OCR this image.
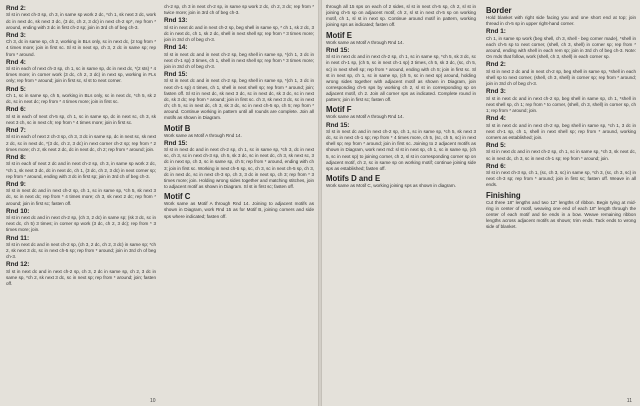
Rnd 2:

Sl st in next ch-3 sp, ch 3, in same sp work 2 dc, *ch 1, sk next 3 dc, work dc in next dc, sk next 3 dc, (3 dc, ch 2, 3 dc) in next ch-2 sp*, rep from * around, ending with 3 dc in first ch-2 sp; join in 3rd ch of beg ch-3.

Rnd 3:

Ch 3, dc in same sp, ch 2, working in BLs only, sc in next dc, (2 tog from * 4 times more; join in first sc. Sl st in next sp, ch 3, 2 dc in same sp; rep from * around.

Rnd 4:

Sl st in each of next ch-3 sp, ch 1, sc in same sp, dc in next dc, *(2 sts) * 4 times more; in corner work (3 dc, ch 2, 3 dc) in next sp, working in FLs only; rep from * around; join in first sc, sl st to next corner.

Rnd 5:

Ch 1, sc in same sp, ch 5, working in BLs only, sc in next dc, *ch 5, sk 2 dc, sc in next dc; rep from * 4 times more; join in first sc.

Rnd 6:

Sl st in each of next ch-5 sp, ch 1, sc in same sp, dc in next sc, ch 3, sk next 3 ch, sc in next ch; rep from * 4 times more; join in first sc.

Rnd 7:

Sl st in each of next 2 ch-3 sp, ch 3, 3 dc in same sp, dc in next sc, sk next 2 dc, sc in next dc, *(3 dc, ch 2, 3 dc) in next corner ch-2 sp; rep from * 2 times more; ch 2, sk next 2 dc, dc in next dc, ch 2; rep from * around; join.

Rnd 8:

Sl st in each of next 2 dc and in next ch-2 sp, ch 3, in same sp work 2 dc, *ch 1, sk next 3 dc, dc in next dc, ch 1, (3 dc, ch 2, 3 dc) in next corner sp; rep from * around, ending with 3 dc in first sp; join in 3rd ch of beg ch-3.

Rnd 9:

Sl st in next dc and in next ch-2 sp, ch 1, sc in same sp, *ch 5, sk next 3 dc, sc in next dc; rep from * 4 times more; ch 3, sk next 2 dc; rep from * around; join in first sc; fasten off.

Rnd 10:

Sl st in next dc and in next ch-2 sp, (ch 3, 2 dc) in same sp; (sk 3 dc, sc in next dc, ch 5) 3 times; in corner sp work (3 dc, ch 2, 3 dc); rep from * 3 times more; join.

Rnd 11:

Sl st in next dc and in next ch-2 sp, (ch 3, 2 dc, ch 2, 3 dc) in same sp; *ch 2, sk next 3 dc, sc in next ch-5 sp; rep from * around; join in 3rd ch of beg ch-3.

Rnd 12:

Sl st in next dc and in next ch-2 sp, ch 3, 2 dc in same sp, ch 2, 3 dc in same sp, *ch 2, sk next 3 dc, sc in next sp; rep from * around; join; fasten off.

ch-2 sp, ch 3 in next ch-2 sp, in same sp work 2 dc, ch 2, 3 dc; rep from * twice more; join in 3rd ch of beg ch-3.

Rnd 13:

Sl st in next dc and in next ch-2 sp, beg shell in same sp, * ch 1, sk 2 dc, 3 dc in next dc, ch 1, sk 2 dc, shell in next shell sp; rep from * 3 times more; join in 3rd ch of beg ch-3.

Rnd 14:

Sl st in next dc and in next ch-2 sp, beg shell in same sp, *(ch 1, 3 dc in next ch-1 sp) 3 times, ch 1, shell in next shell sp; rep from * 3 times more; join in 3rd ch of beg ch-3.

Rnd 15:

Sl st in next dc and in next ch-2 sp, beg shell in same sp, *(ch 1, 3 dc in next ch-1 sp) 4 times, ch 1, shell in next shell sp; rep from * around; join; fasten off. Sl st in next dc, sk next 3 dc, sc in next dc, sk 3 dc, sc in next dc, sk 3 dc; rep from * around; join in first sc. ch 3, sk next 3 dc, sc in next ch; ch 5, sc in next dc, ch 3, sk 3 dc, sc in next ch-5 sp, ch 5; rep from * around. Continue working in pattern until all rounds are complete. Join all motifs as shown in Diagram.

Motif B

Work same as Motif A through Rnd 14.

Rnd 15:

Sl st in next dc and in next ch-2 sp, ch 1, sc in same sp, *ch 3, dc in next sc, ch 3, sc in next ch-3 sp, ch 5, sk 3 dc, sc in next dc, ch 3, sk next sc, 3 dc in next sp, ch 3, sc in same sp, ch 5; rep from * around, ending with ch 3; join in first sc. Working in next ch-5 sp, sc, ch 3, sc in next ch-5 sp, ch 3, dc in next dc, sc in next ch-3 sp, ch 3, 3 dc in next sp, ch 3; rep from * 3 times more; join. Holding wrong sides together and matching stitches, join to adjacent motif as shown in Diagram. Sl st in first sc; fasten off.

Motif C

Work same as Motif A through Rnd 14. Joining to adjacent motifs as shown in Diagram, work Rnd 15 as for Motif B, joining corners and side sps where indicated; fasten off.

10

through all 15 sps on each of 2 sides, sl st in next ch-5 sp, ch 2, sl st in joining ch-5 sp on adjacent motif, ch 2, sl st in next ch-5 sp on working motif, ch 1, sl st in next sp. Continue around motif in pattern, working joining sps as indicated; fasten off.

Motif E

Work same as Motif A through Rnd 14.

Rnd 15:

Sl st in next dc and in next ch-2 sp, ch 1, sc in same sp, *ch 5, sk 3 dc, sc in next ch-1 sp, (ch 5, sc in next ch-1 sp) 3 times, ch 5, sk 3 dc, (sc, ch 5, sc) in next shell sp; rep from * around, ending with ch 5; join in first sc. Sl st in next sp, ch 1, sc in same sp, (ch 5, sc in next sp) around, holding wrong sides together with adjacent motif as shown in Diagram, join corresponding ch-5 sps by working ch 2, sl st in corresponding sp on adjacent motif, ch 2. Join all corner sps as indicated. Complete round in pattern; join in first sc; fasten off.

Motif F

Work same as Motif A through Rnd 14.

Rnd 15:

Sl st in next dc and in next ch-2 sp, ch 1, sc in same sp, *ch 5, sk next 3 dc, sc in next ch-1 sp; rep from * 4 times more, ch 5, (sc, ch 5, sc) in next shell sp; rep from * around; join in first sc. Joining to 2 adjacent motifs as shown in Diagram, work next rnd: sl st in next sp, ch 1, sc in same sp, (ch 5, sc in next sp) to joining corner, ch 2, sl st in corresponding corner sp on adjacent motif, ch 2, sc in same sp on working motif; continue joining side sps as established; fasten off.

Motifs D and E

Work same as Motif C, working joining sps as shown in diagram.

Border

Hold blanket with right side facing you and one short end at top; join thread in ch-5 sp in upper right-hand corner.

Rnd 1:

Ch 1, in same sp work (beg shell, ch 3, shell - beg corner made), *shell in each ch-5 sp to next corner, (shell, ch 3, shell) in corner sp; rep from * around, ending with shell in each rem sp; join in 3rd ch of beg ch-3. Note: On rnds that follow, work (shell, ch 3, shell) in each corner sp.

Rnd 2:

Sl st in next 2 dc and in next ch-2 sp, beg shell in same sp, *shell in each shell sp to next corner, (shell, ch 3, shell) in corner sp; rep from * around; join in 3rd ch of beg ch-3.

Rnd 3:

Sl st in next dc and in next ch-2 sp, beg shell in same sp, ch 1, *shell in next shell sp, ch 1; rep from * to corner, (shell, ch 3, shell) in corner sp, ch 1; rep from * around; join.

Rnd 4:

Sl st in next dc and in next ch-2 sp, beg shell in same sp, *ch 1, 3 dc in next ch-1 sp, ch 1, shell in next shell sp; rep from * around, working corners as established; join.

Rnd 5:

Sl st in next dc and in next ch-2 sp, ch 1, sc in same sp, *ch 3, sk next dc, sc in next dc, ch 3, sc in next ch-1 sp; rep from * around; join.

Rnd 6:

Sl st in next ch-3 sp, ch 1, (sc, ch 3, sc) in same sp, *ch 3, (sc, ch 3, sc) in next ch-3 sp; rep from * around; join in first sc; fasten off. Weave in all ends.

Finishing

Cut three 18" lengths and two 12" lengths of ribbon. Begin tying at mid-ring in center of motif, weaving one end of each 18" length through the center of each motif and tie ends in a bow. Weave remaining ribbon lengths across adjacent motifs as shown; trim ends. Tack ends to wrong side of blanket.

11
